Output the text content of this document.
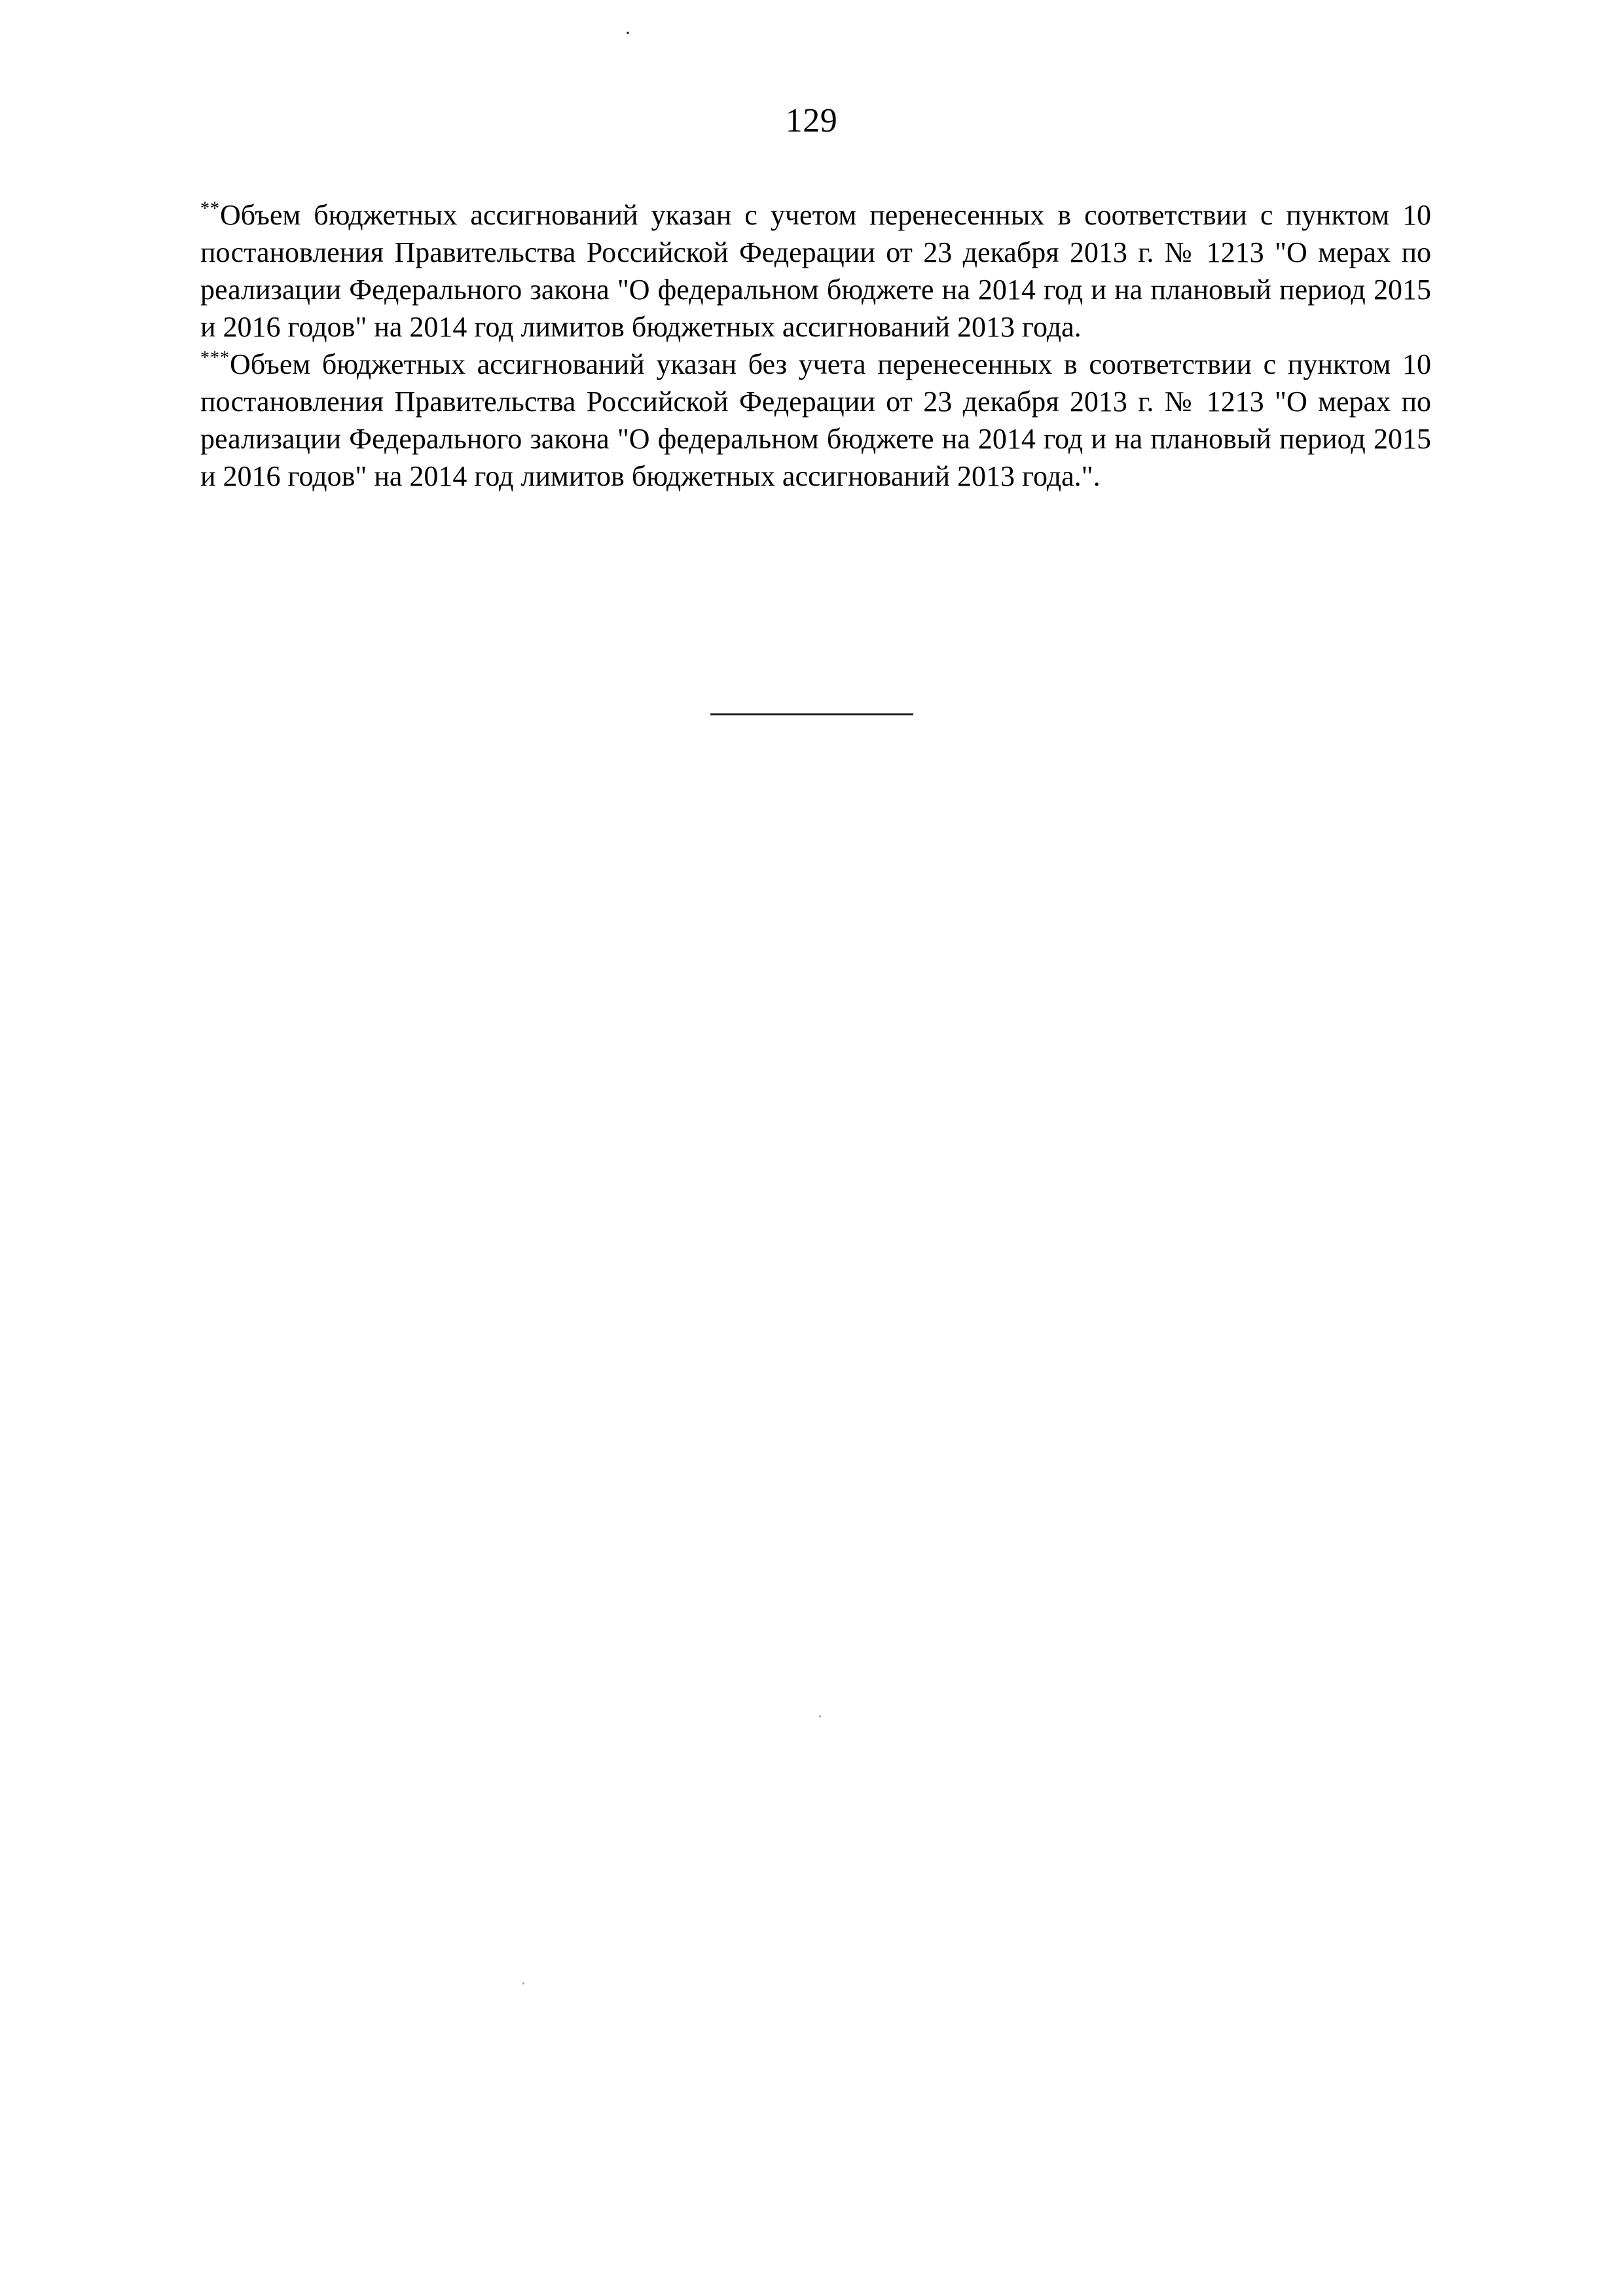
·
129

**Объем бюджетных ассигнований указан с учетом перенесенных в соответствии с пунктом 10 постановления Правительства Российской Федерации от 23 декабря 2013 г. № 1213 "О мерах по реализации Федерального закона "О федеральном бюджете на 2014 год и на плановый период 2015 и 2016 годов" на 2014 год лимитов бюджетных ассигнований 2013 года.

***Объем бюджетных ассигнований указан без учета перенесенных в соответствии с пунктом 10 постановления Правительства Российской Федерации от 23 декабря 2013 г. № 1213 "О мерах по реализации Федерального закона "О федеральном бюджете на 2014 год и на плановый период 2015 и 2016 годов" на 2014 год лимитов бюджетных ассигнований 2013 года.".

·
·
